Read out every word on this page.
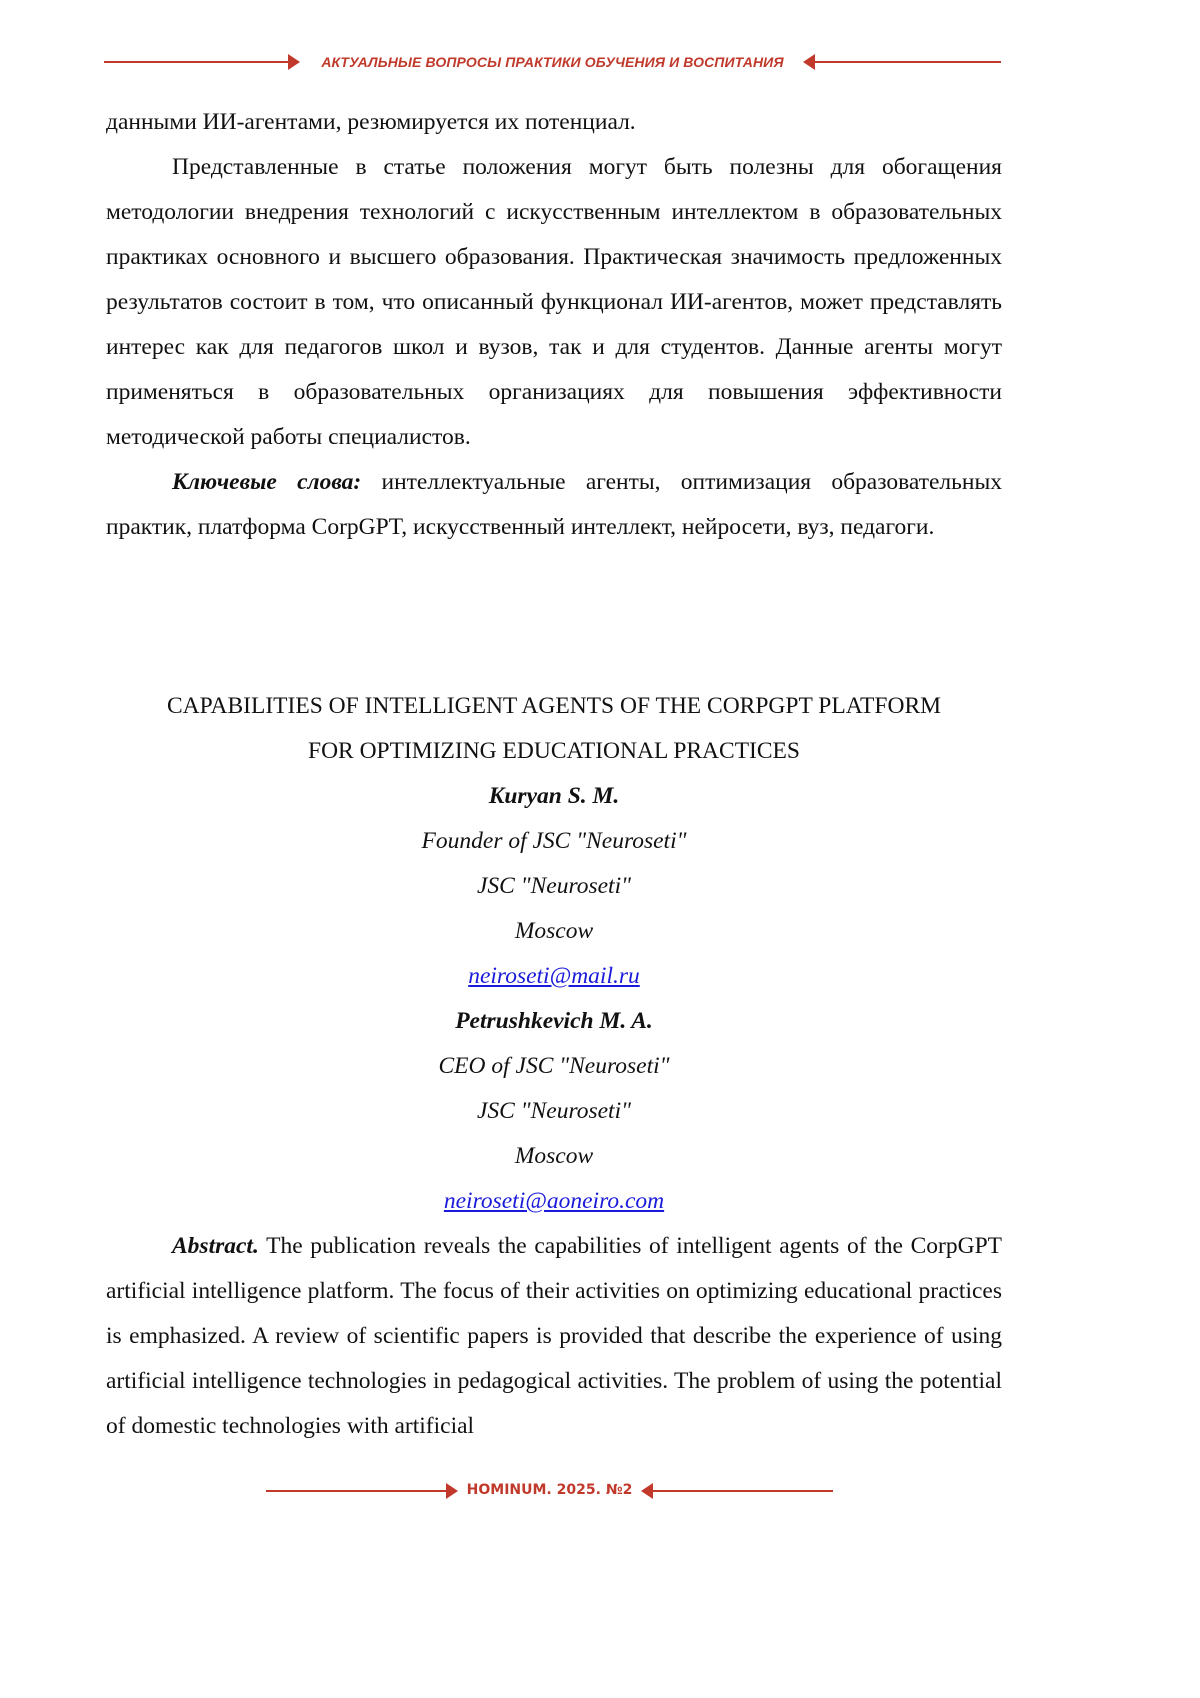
АКТУАЛЬНЫЕ ВОПРОСЫ ПРАКТИКИ ОБУЧЕНИЯ И ВОСПИТАНИЯ

данными ИИ-агентами, резюмируется их потенциал.

Представленные в статье положения могут быть полезны для обогащения методологии внедрения технологий с искусственным интеллектом в образовательных практиках основного и высшего образования. Практическая значимость предложенных результатов состоит в том, что описанный функционал ИИ-агентов, может представлять интерес как для педагогов школ и вузов, так и для студентов. Данные агенты могут применяться в образовательных организациях для повышения эффективности методической работы специалистов.

Ключевые слова: интеллектуальные агенты, оптимизация образовательных практик, платформа CorpGPT, искусственный интеллект, нейросети, вуз, педагоги.

CAPABILITIES OF INTELLIGENT AGENTS OF THE CORPGPT PLATFORM

FOR OPTIMIZING EDUCATIONAL PRACTICES

Kuryan S. M.

Founder of JSC "Neuroseti"

JSC "Neuroseti"

Moscow

neiroseti@mail.ru

Petrushkevich M. A.

CEO of JSC "Neuroseti"

JSC "Neuroseti"

Moscow

neiroseti@aoneiro.com

Abstract. The publication reveals the capabilities of intelligent agents of the CorpGPT artificial intelligence platform. The focus of their activities on optimizing educational practices is emphasized. A review of scientific papers is provided that describe the experience of using artificial intelligence technologies in pedagogical activities. The problem of using the potential of domestic technologies with artificial
HOMINUM. 2025. №2
